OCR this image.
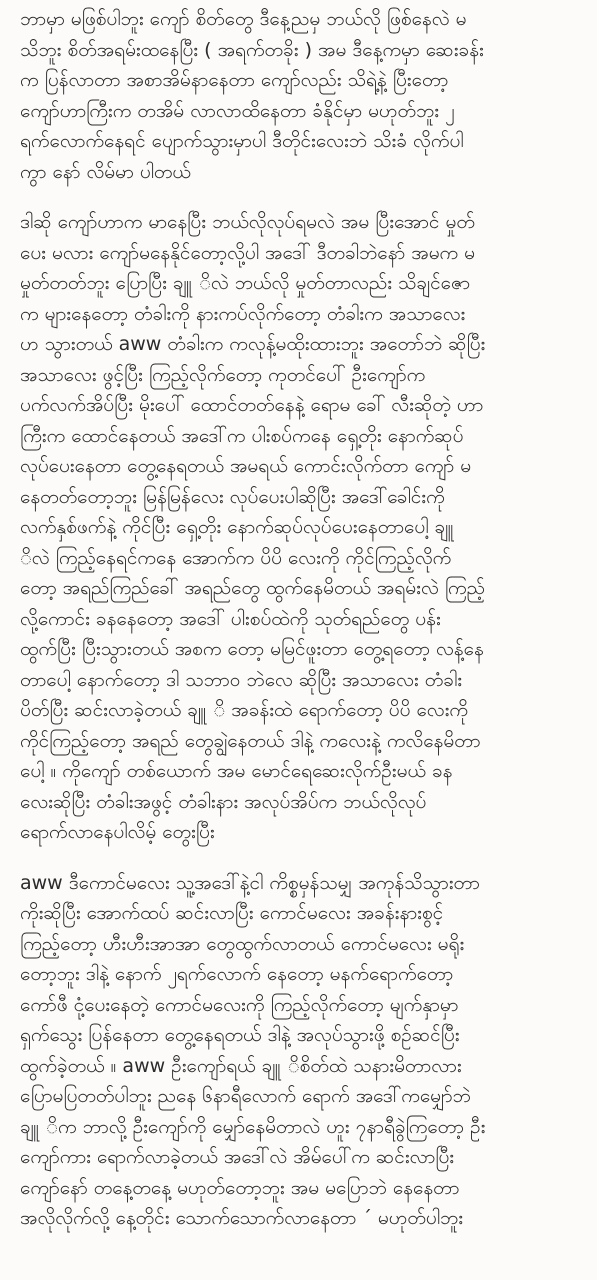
ဘာမှာ မဖြစ်ပါဘူး ကျော် စိတ်တွေ ဒီနေ့ညမှ ဘယ်လို ဖြစ်နေလဲ မ
သိဘူး စိတ်အရမ်းထနေပြီး ( အရက်တခိုး ) အမ ဒီနေ့ကမှာ ဆေးခန်း
က ပြန်လာတာ အစာအိမ်နာနေတာ ကျော်လည်း သိရဲ့နဲ့ ပြီးတော့
ကျော်ဟာကြီးက တအိမ် လာလာထိနေတာ ခံနိုင်မှာ မဟုတ်ဘူး ၂
ရက်လောက်နေရင် ပျောက်သွားမှာပါ ဒီတိုင်းလေးဘဲ သိးခံ လိုက်ပါ
ကွာ နော် လိမ်မာ ပါတယ်
ဒါဆို ကျော်ဟာက မာနေပြီး ဘယ်လိုလုပ်ရမလဲ အမ ပြီးအောင် မှုတ်
ပေး မလား ကျော်မနေနိုင်တော့လို့ပါ အဒေါ် ဒီတခါဘဲနော် အမက မ
မှုတ်တတ်ဘူး ပြောပြီး ချူ ိလဲ ဘယ်လို မှုတ်တာလည်း သိချင်ဇော
က များနေတော့ တံခါးကို နားကပ်လိုက်တော့ တံခါးက အသာလေး
ဟ သွားတယ် aww တံခါးက ကလုန့်မထိုးထားဘူး အတော်ဘဲ ဆိုပြီး
အသာလေး ဖွင့်ပြီး ကြည့်လိုက်တော့ ကုတင်ပေါ် ဦးကျော်က
ပက်လက်အိပ်ပြီး မိုးပေါ် ထောင်တတ်နေနဲ့ ရောမ ခေါ် လီးဆိုတဲ့ ဟာ
ကြီးက ထောင်နေတယ် အဒေါ်က ပါးစပ်ကနေ ရှေ့တိုး နောက်ဆုပ်
လုပ်ပေးနေတာ တွေ့နေရတယ် အမရယ် ကောင်းလိုက်တာ ကျော် မ
နေတတ်တော့ဘူး မြန်မြန်လေး လုပ်ပေးပါဆိုပြီး အဒေါ်ခေါင်းကို
လက်နှစ်ဖက်နဲ့ ကိုင်ပြီး ရှေ့တိုး နောက်ဆုပ်လုပ်ပေးနေတာပေါ့ ချူ
ိလဲ ကြည့်နေရင်ကနေ အောက်က ပိပိ လေးကို ကိုင်ကြည့်လိုက်
တော့ အရည်ကြည်ခေါ် အရည်တွေ ထွက်နေမိတယ် အရမ်းလဲ ကြည့်
လို့ကောင်း ခနနေတော့ အဒေါ် ပါးစပ်ထဲကို သုတ်ရည်တွေ ပန်း
ထွက်ပြီး ပြီးသွားတယ် အစက တော့ မမြင်ဖူးတာ တွေ့ရတော့ လန့်နေ
တာပေါ့ နောက်တော့ ဒါ သဘာဝ ဘဲလေ ဆိုပြီး အသာလေး တံခါး
ပိတ်ပြီး ဆင်းလာခဲ့တယ် ချူ ိ အခန်းထဲ ရောက်တော့ ပိပိ လေးကို
ကိုင်ကြည့်တော့ အရည် တွေချွဲနေတယ် ဒါနဲ့ ကလေးနဲ့ ကလိနေမိတာ
ပေါ့ ။ ကိုကျော် တစ်ယောက် အမ မောင်ရေဆေးလိုက်ဦးမယ် ခန
လေးဆိုပြီး တံခါးအဖွင့် တံခါးနား အလုပ်အိပ်က ဘယ်လိုလုပ်
ရောက်လာနေပါလိမ့် တွေးပြီး
aww ဒီကောင်မလေး သူ့အဒေါ်နဲ့ငါ ကိစ္စမှန်သမျှ အကုန်သိသွားတာ
ကိုးဆိုပြီး အောက်ထပ် ဆင်းလာပြီး ကောင်မလေး အခန်းနားစွင့်
ကြည့်တော့ ဟီးဟီးအာအာ တွေထွက်လာတယ် ကောင်မလေး မရိုး
တော့ဘူး ဒါနဲ့ နောက် ၂ရက်လောက် နေတော့ မနက်ရောက်တော့
ကော်ဖီ ငုံ့ပေးနေတဲ့ ကောင်မလေးကို ကြည့်လိုက်တော့ မျက်နှာမှာ
ရှက်သွေး ပြန်နေတာ တွေ့နေရတယ် ဒါနဲ့ အလုပ်သွားဖို့ စဉ်ဆင်ပြီး
ထွက်ခဲ့တယ် ။ aww ဦးကျော်ရယ် ချူ ိစိတ်ထဲ သနားမိတာလား
ပြောမပြတတ်ပါဘူး ညနေ ၆နာရီလောက် ရောက် အဒေါ်ကမျှော်ဘဲ
ချူ ိက ဘာလို့ ဦးကျော်ကို မျှော်နေမိတာလဲ ဟူး ၇နာရီခွဲကြတော့ ဦး
ကျော်ကား ရောက်လာခဲ့တယ် အဒေါ်လဲ အိမ်ပေါ်က ဆင်းလာပြီး
ကျော်နော် တနေ့တနေ့ မဟုတ်တော့ဘူး အမ မပြောဘဲ နေနေတာ
အလိုလိုက်လို့ နေ့တိုင်း သောက်သောက်လာနေတာ ´ မဟုတ်ပါဘူး
